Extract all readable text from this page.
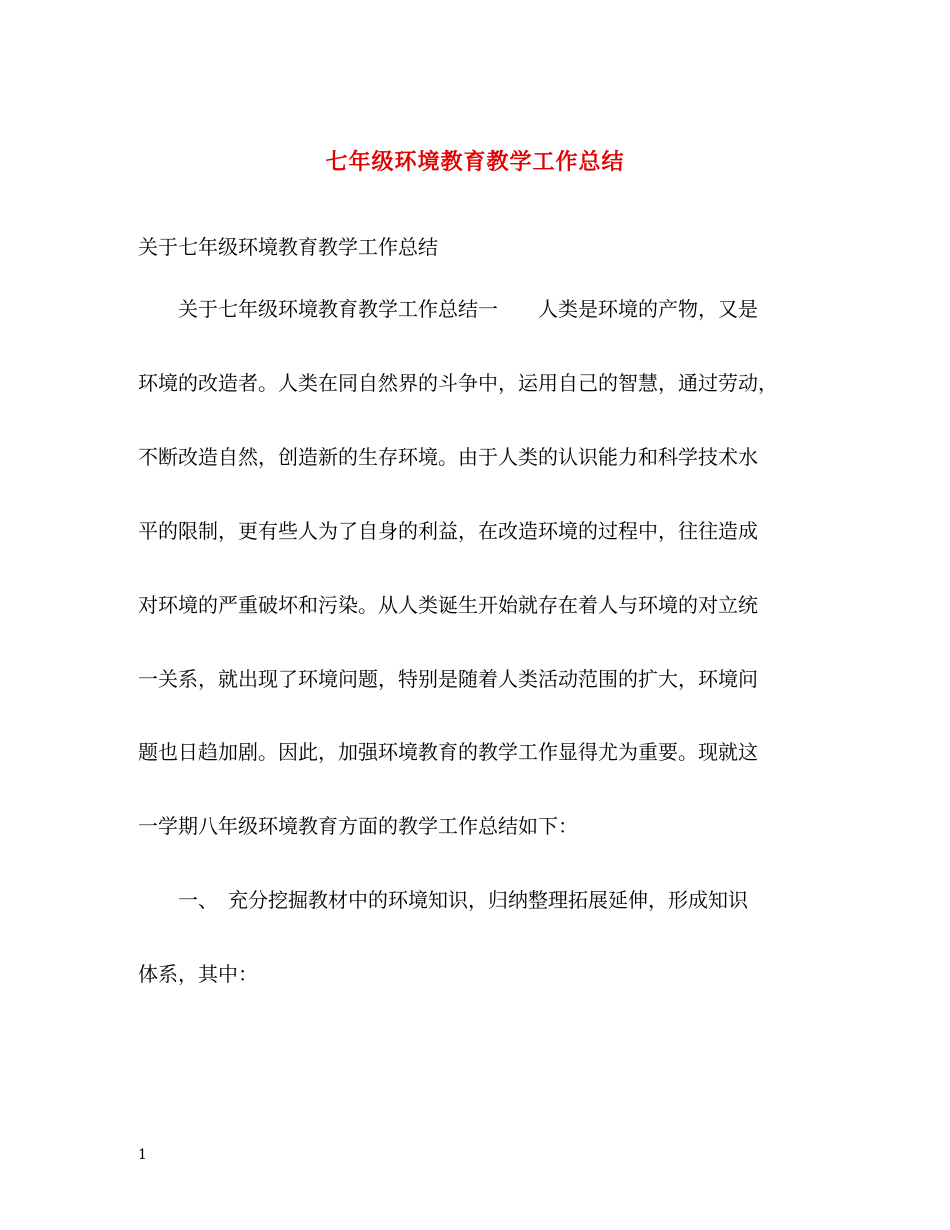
七年级环境教育教学工作总结
关于七年级环境教育教学工作总结
　　关于七年级环境教育教学工作总结一　　人类是环境的产物，又是
环境的改造者。人类在同自然界的斗争中，运用自己的智慧，通过劳动，
不断改造自然，创造新的生存环境。由于人类的认识能力和科学技术水
平的限制，更有些人为了自身的利益，在改造环境的过程中，往往造成
对环境的严重破坏和污染。从人类诞生开始就存在着人与环境的对立统
一关系，就出现了环境问题，特别是随着人类活动范围的扩大，环境问
题也日趋加剧。因此，加强环境教育的教学工作显得尤为重要。现就这
一学期八年级环境教育方面的教学工作总结如下：
　　一、　充分挖掘教材中的环境知识，归纳整理拓展延伸，形成知识
体系，其中：
1
